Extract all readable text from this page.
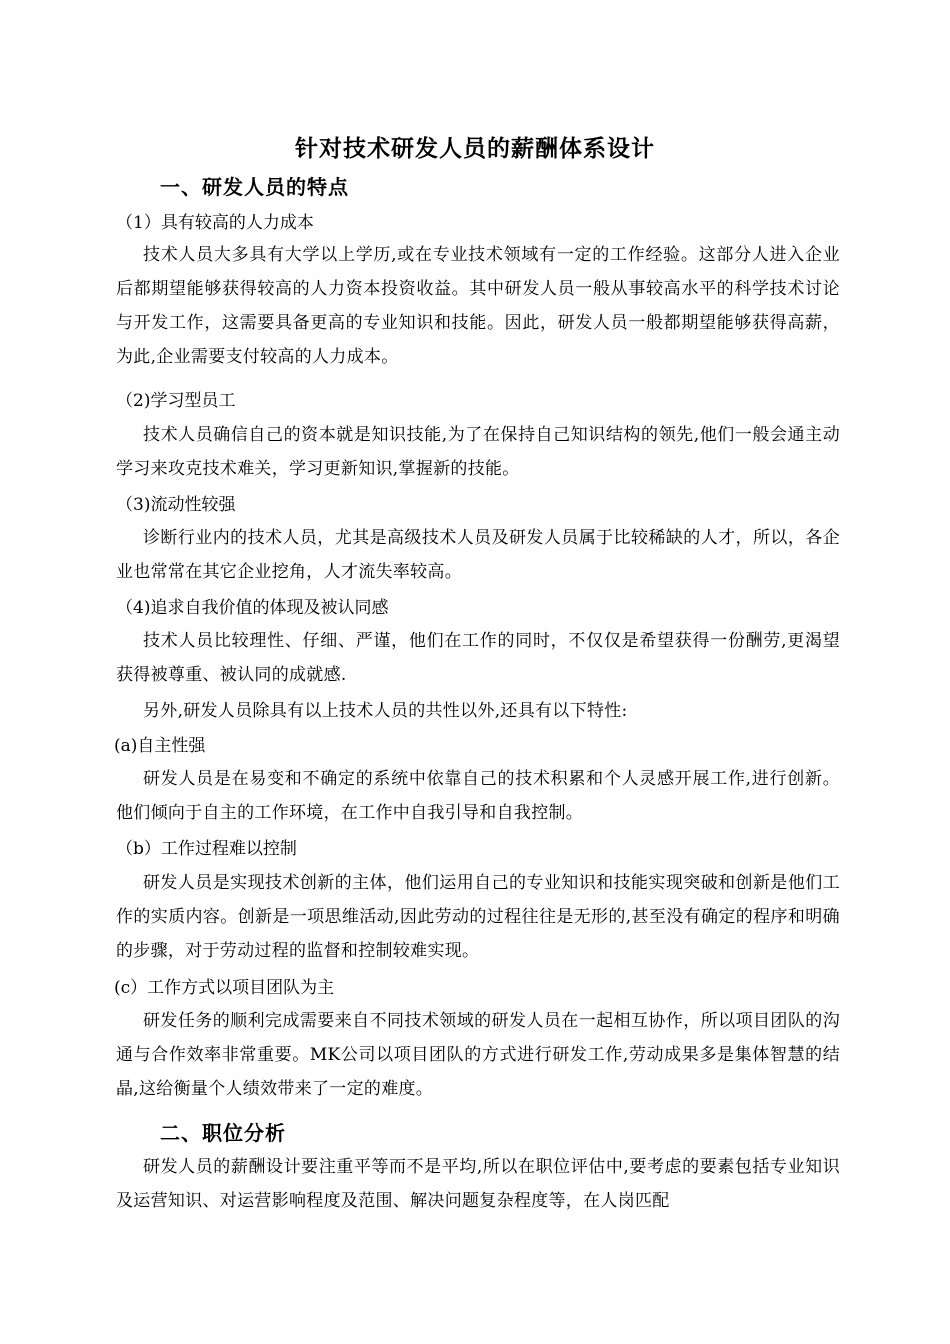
针对技术研发人员的薪酬体系设计
一、研发人员的特点
（1）具有较高的人力成本

技术人员大多具有大学以上学历,或在专业技术领域有一定的工作经验。这部分人进入企业后都期望能够获得较高的人力资本投资收益。其中研发人员一般从事较高水平的科学技术讨论与开发工作，这需要具备更高的专业知识和技能。因此，研发人员一般都期望能够获得高薪，为此,企业需要支付较高的人力成本。

（2)学习型员工

技术人员确信自己的资本就是知识技能,为了在保持自己知识结构的领先,他们一般会通主动学习来攻克技术难关，学习更新知识,掌握新的技能。

（3)流动性较强

诊断行业内的技术人员，尤其是高级技术人员及研发人员属于比较稀缺的人才，所以，各企业也常常在其它企业挖角，人才流失率较高。

（4)追求自我价值的体现及被认同感

技术人员比较理性、仔细、严谨，他们在工作的同时，不仅仅是希望获得一份酬劳,更渴望获得被尊重、被认同的成就感.

另外,研发人员除具有以上技术人员的共性以外,还具有以下特性:

(a)自主性强

研发人员是在易变和不确定的系统中依靠自己的技术积累和个人灵感开展工作,进行创新。他们倾向于自主的工作环境，在工作中自我引导和自我控制。

（b）工作过程难以控制

研发人员是实现技术创新的主体，他们运用自己的专业知识和技能实现突破和创新是他们工作的实质内容。创新是一项思维活动,因此劳动的过程往往是无形的,甚至没有确定的程序和明确的步骤，对于劳动过程的监督和控制较难实现。

(c）工作方式以项目团队为主

研发任务的顺利完成需要来自不同技术领域的研发人员在一起相互协作，所以项目团队的沟通与合作效率非常重要。MK公司以项目团队的方式进行研发工作,劳动成果多是集体智慧的结晶,这给衡量个人绩效带来了一定的难度。

二、职位分析

研发人员的薪酬设计要注重平等而不是平均,所以在职位评估中,要考虑的要素包括专业知识及运营知识、对运营影响程度及范围、解决问题复杂程度等，在人岗匹配
